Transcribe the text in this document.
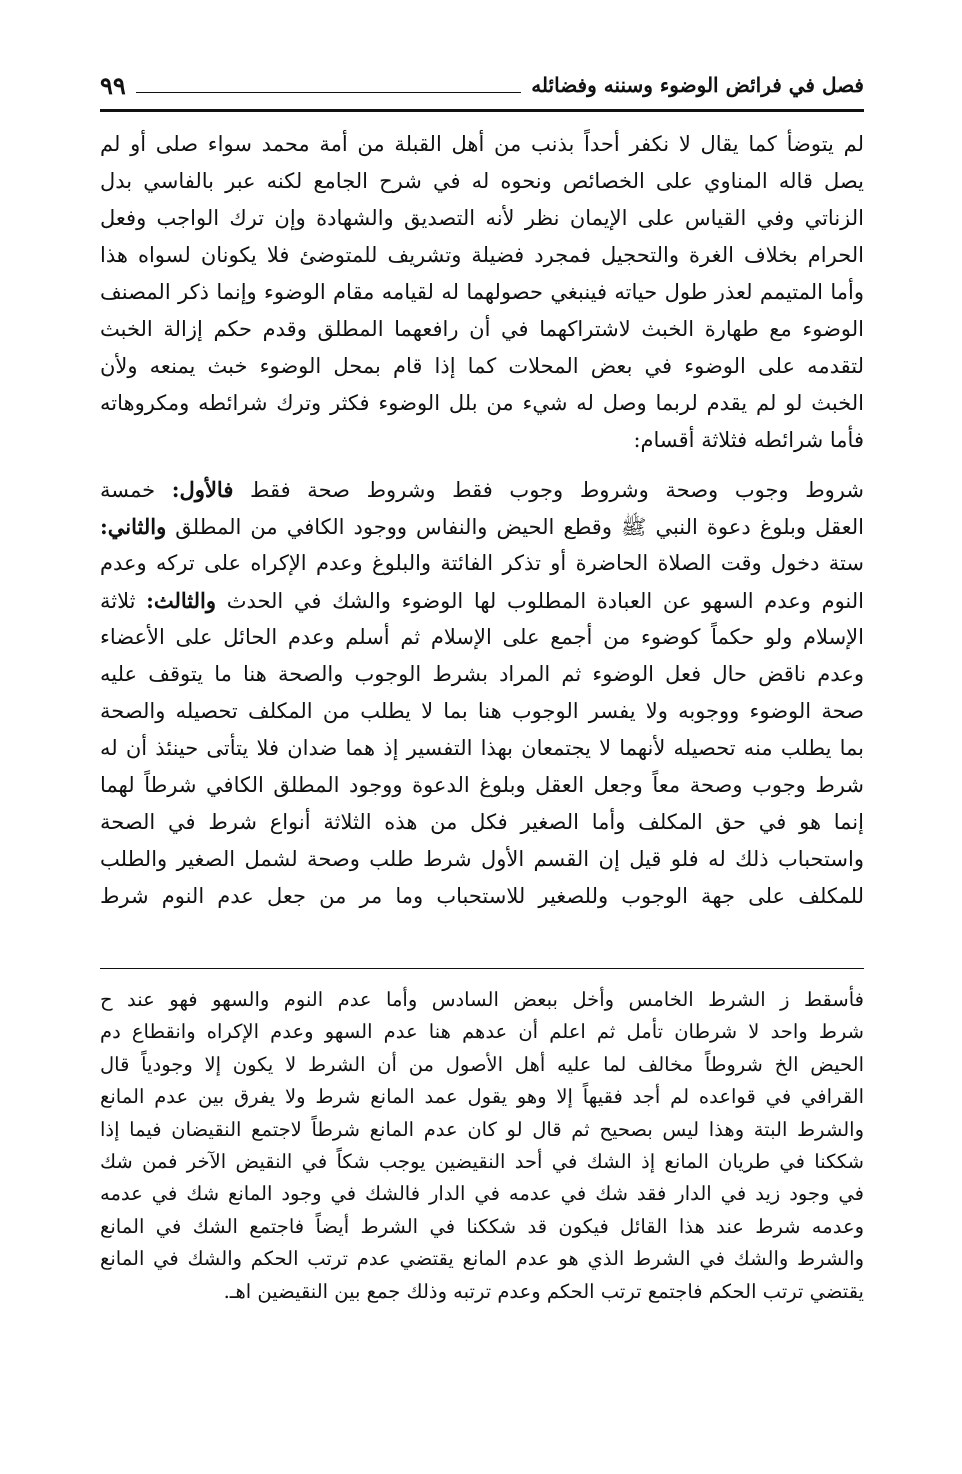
فصل في فرائض الوضوء وسننه وفضائله
٩٩
لم يتوضأ كما يقال لا نكفر أحداً بذنب من أهل القبلة من أمة محمد سواء صلى أو لم
يصل قاله المناوي على الخصائص ونحوه له في شرح الجامع لكنه عبر بالفاسي بدل
الزناتي وفي القياس على الإيمان نظر لأنه التصديق والشهادة وإن ترك الواجب وفعل
الحرام بخلاف الغرة والتحجيل فمجرد فضيلة وتشريف للمتوضئ فلا يكونان لسواه هذا
وأما المتيمم لعذر طول حياته فينبغي حصولهما له لقيامه مقام الوضوء وإنما ذكر المصنف
الوضوء مع طهارة الخبث لاشتراكهما في أن رافعهما المطلق وقدم حكم إزالة الخبث
لتقدمه على الوضوء في بعض المحلات كما إذا قام بمحل الوضوء خبث يمنعه ولأن
الخبث لو لم يقدم لربما وصل له شيء من بلل الوضوء فكثر وترك شرائطه ومكروهاته
فأما شرائطه فثلاثة أقسام:
شروط وجوب وصحة وشروط وجوب فقط وشروط صحة فقط فالأول: خمسة
العقل وبلوغ دعوة النبي ﷺ وقطع الحيض والنفاس ووجود الكافي من المطلق والثاني:
ستة دخول وقت الصلاة الحاضرة أو تذكر الفائتة والبلوغ وعدم الإكراه على تركه وعدم
النوم وعدم السهو عن العبادة المطلوب لها الوضوء والشك في الحدث والثالث: ثلاثة
الإسلام ولو حكماً كوضوء من أجمع على الإسلام ثم أسلم وعدم الحائل على الأعضاء
وعدم ناقض حال فعل الوضوء ثم المراد بشرط الوجوب والصحة هنا ما يتوقف عليه
صحة الوضوء ووجوبه ولا يفسر الوجوب هنا بما لا يطلب من المكلف تحصيله والصحة
بما يطلب منه تحصيله لأنهما لا يجتمعان بهذا التفسير إذ هما ضدان فلا يتأتى حينئذ أن له
شرط وجوب وصحة معاً وجعل العقل وبلوغ الدعوة ووجود المطلق الكافي شرطاً لهما
إنما هو في حق المكلف وأما الصغير فكل من هذه الثلاثة أنواع شرط في الصحة
واستحباب ذلك له فلو قيل إن القسم الأول شرط طلب وصحة لشمل الصغير والطلب
للمكلف على جهة الوجوب وللصغير للاستحباب وما مر من جعل عدم النوم شرط
فأسقط ز الشرط الخامس وأخل ببعض السادس وأما عدم النوم والسهو فهو عند ح
شرط واحد لا شرطان تأمل ثم اعلم أن عدهم هنا عدم السهو وعدم الإكراه وانقطاع دم
الحيض الخ شروطاً مخالف لما عليه أهل الأصول من أن الشرط لا يكون إلا وجودياً قال
القرافي في قواعده لم أجد فقيهاً إلا وهو يقول عمد المانع شرط ولا يفرق بين عدم المانع
والشرط البتة وهذا ليس بصحيح ثم قال لو كان عدم المانع شرطاً لاجتمع النقيضان فيما إذا
شككنا في طريان المانع إذ الشك في أحد النقيضين يوجب شكاً في النقيض الآخر فمن شك
في وجود زيد في الدار فقد شك في عدمه في الدار فالشك في وجود المانع شك في عدمه
وعدمه شرط عند هذا القائل فيكون قد شككنا في الشرط أيضاً فاجتمع الشك في المانع
والشرط والشك في الشرط الذي هو عدم المانع يقتضي عدم ترتب الحكم والشك في المانع
يقتضي ترتب الحكم فاجتمع ترتب الحكم وعدم ترتبه وذلك جمع بين النقيضين اهـ.
